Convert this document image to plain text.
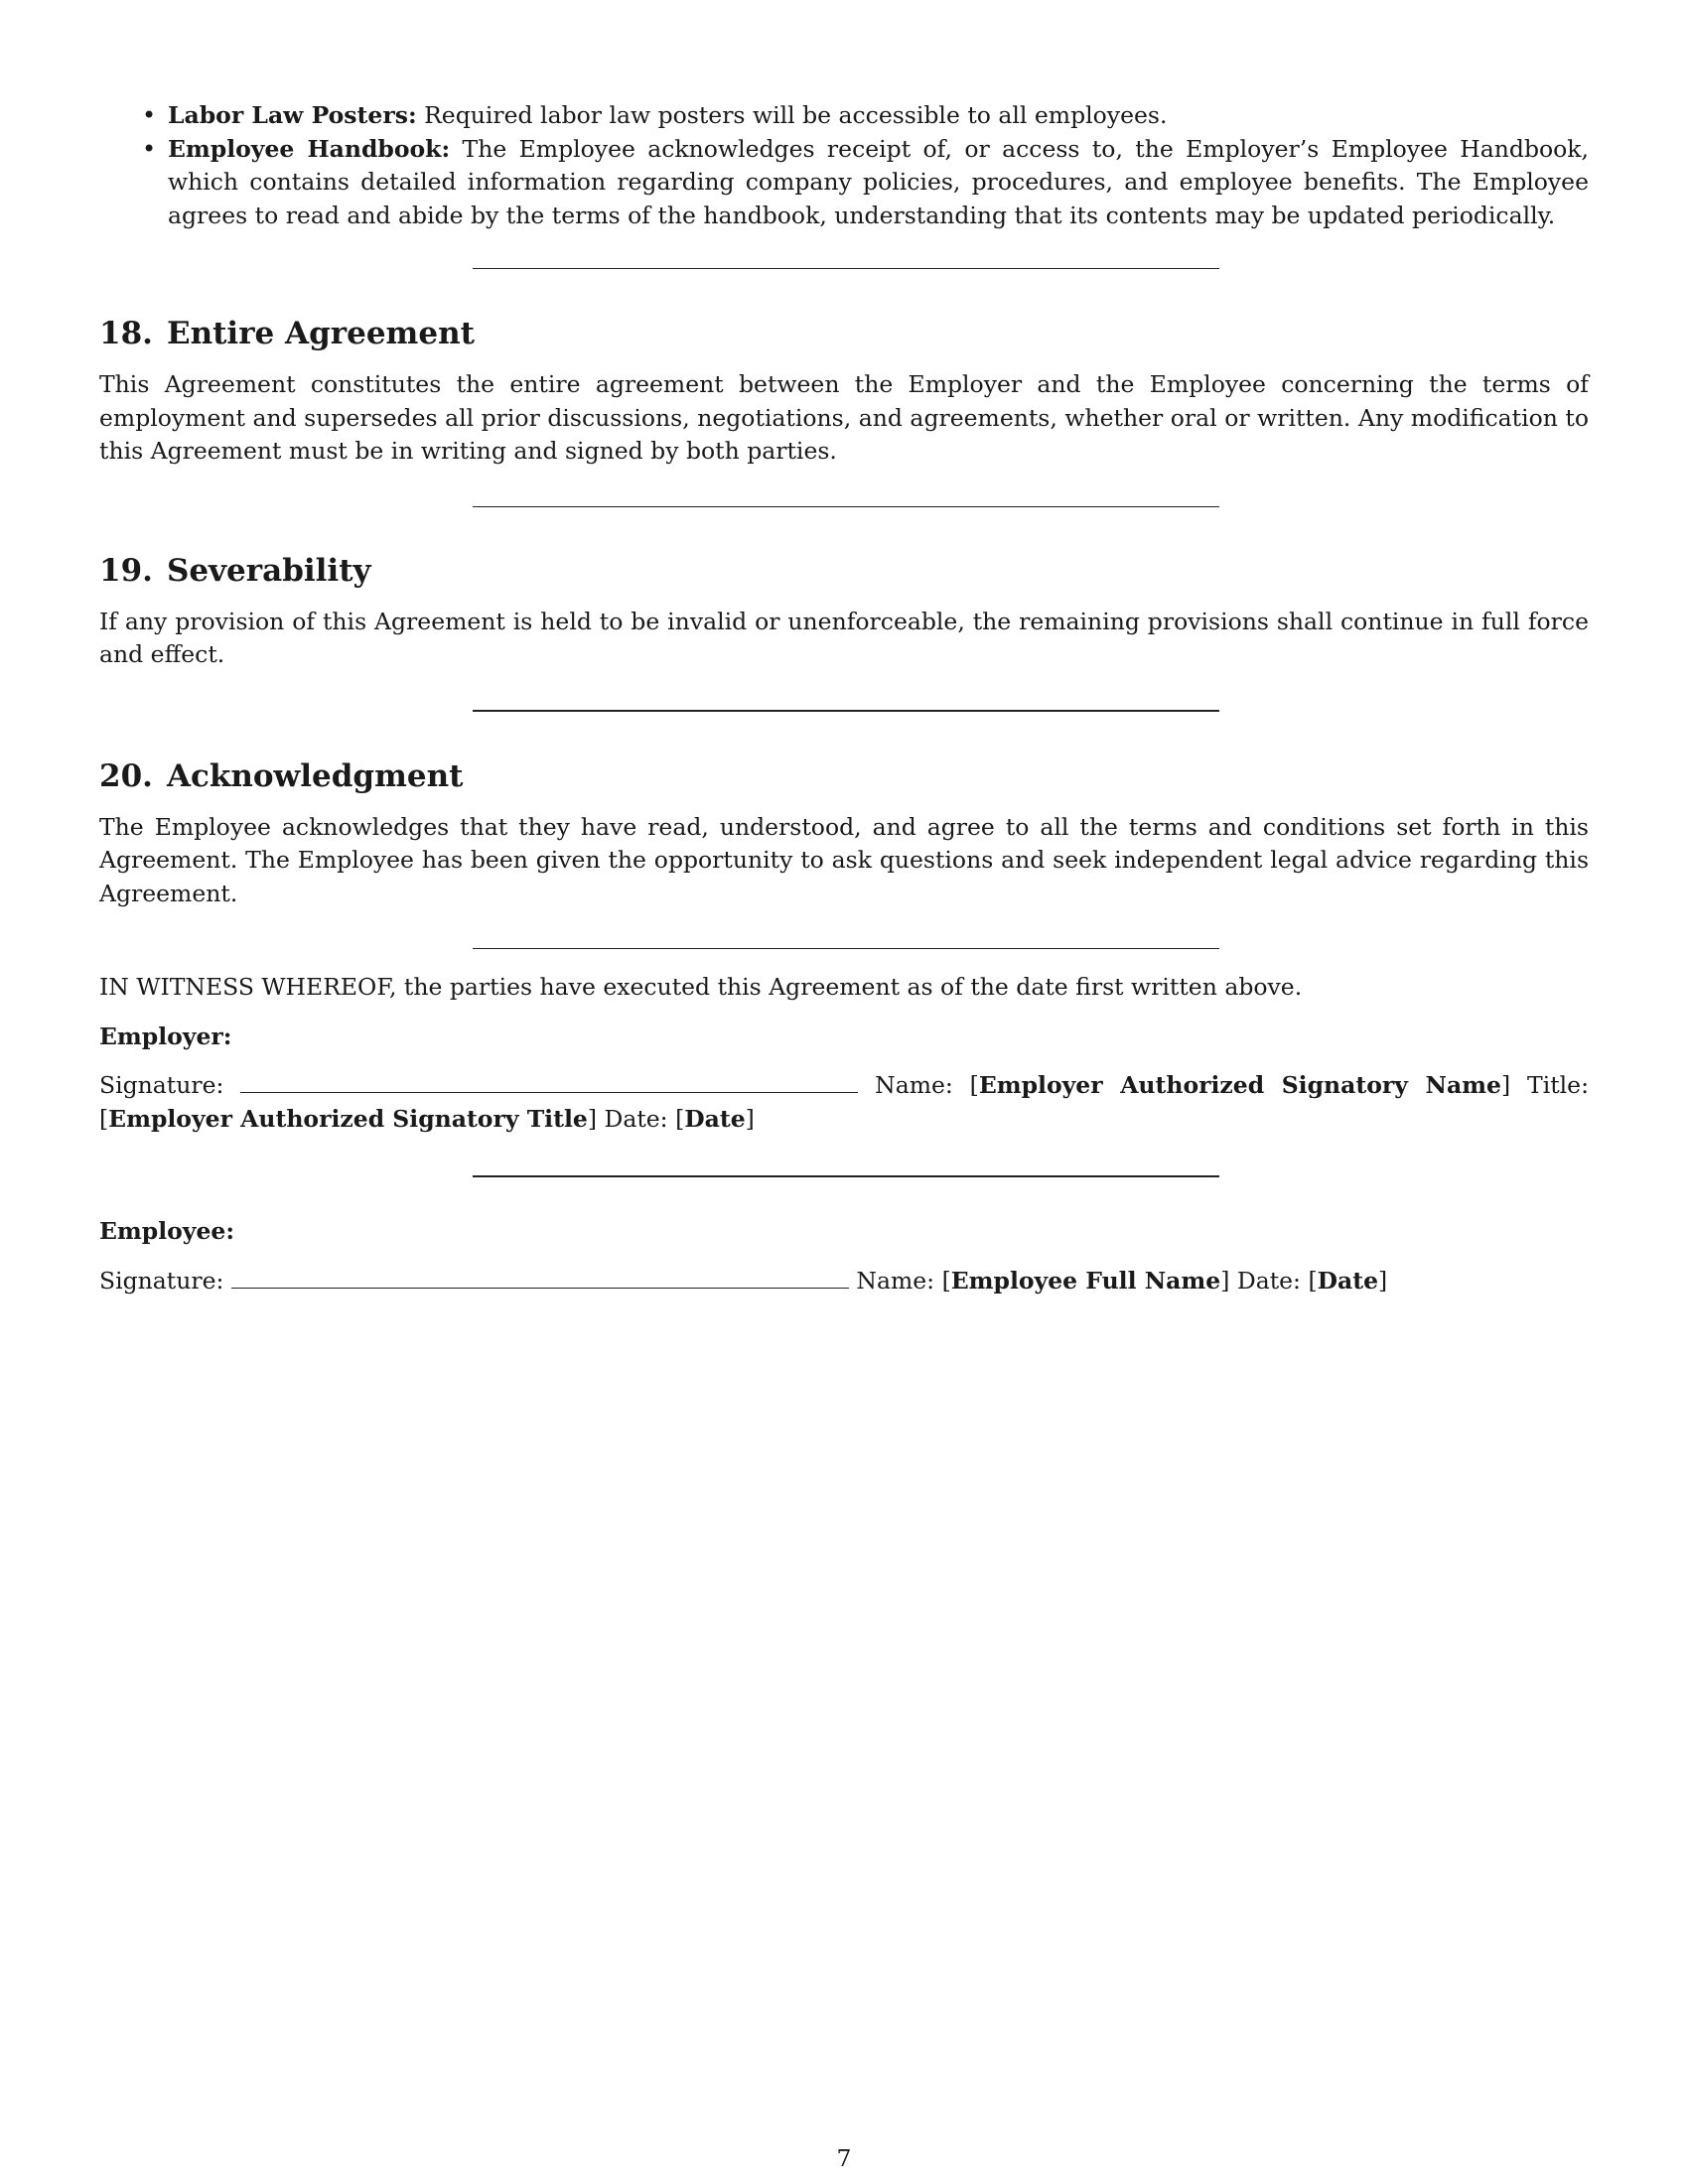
• Labor Law Posters: Required labor law posters will be accessible to all employees.
• Employee Handbook: The Employee acknowledges receipt of, or access to, the Employer’s Employee Handbook, which contains detailed information regarding company policies, procedures, and employee benefits. The Employee agrees to read and abide by the terms of the handbook, understanding that its contents may be updated periodically.
18. Entire Agreement

This Agreement constitutes the entire agreement between the Employer and the Employee concerning the terms of employment and supersedes all prior discussions, negotiations, and agreements, whether oral or written. Any modification to this Agreement must be in writing and signed by both parties.

19. Severability

If any provision of this Agreement is held to be invalid or unenforceable, the remaining provisions shall continue in full force and effect.

20. Acknowledgment

The Employee acknowledges that they have read, understood, and agree to all the terms and conditions set forth in this Agreement. The Employee has been given the opportunity to ask questions and seek independent legal advice regarding this Agreement.

IN WITNESS WHEREOF, the parties have executed this Agreement as of the date first written above.

Employer:

Signature:	Name: [Employer Authorized Signatory Name] Title: [Employer Authorized Signatory Title] Date: [Date]

Employee:

Signature:	Name: [Employee Full Name] Date: [Date]

7
